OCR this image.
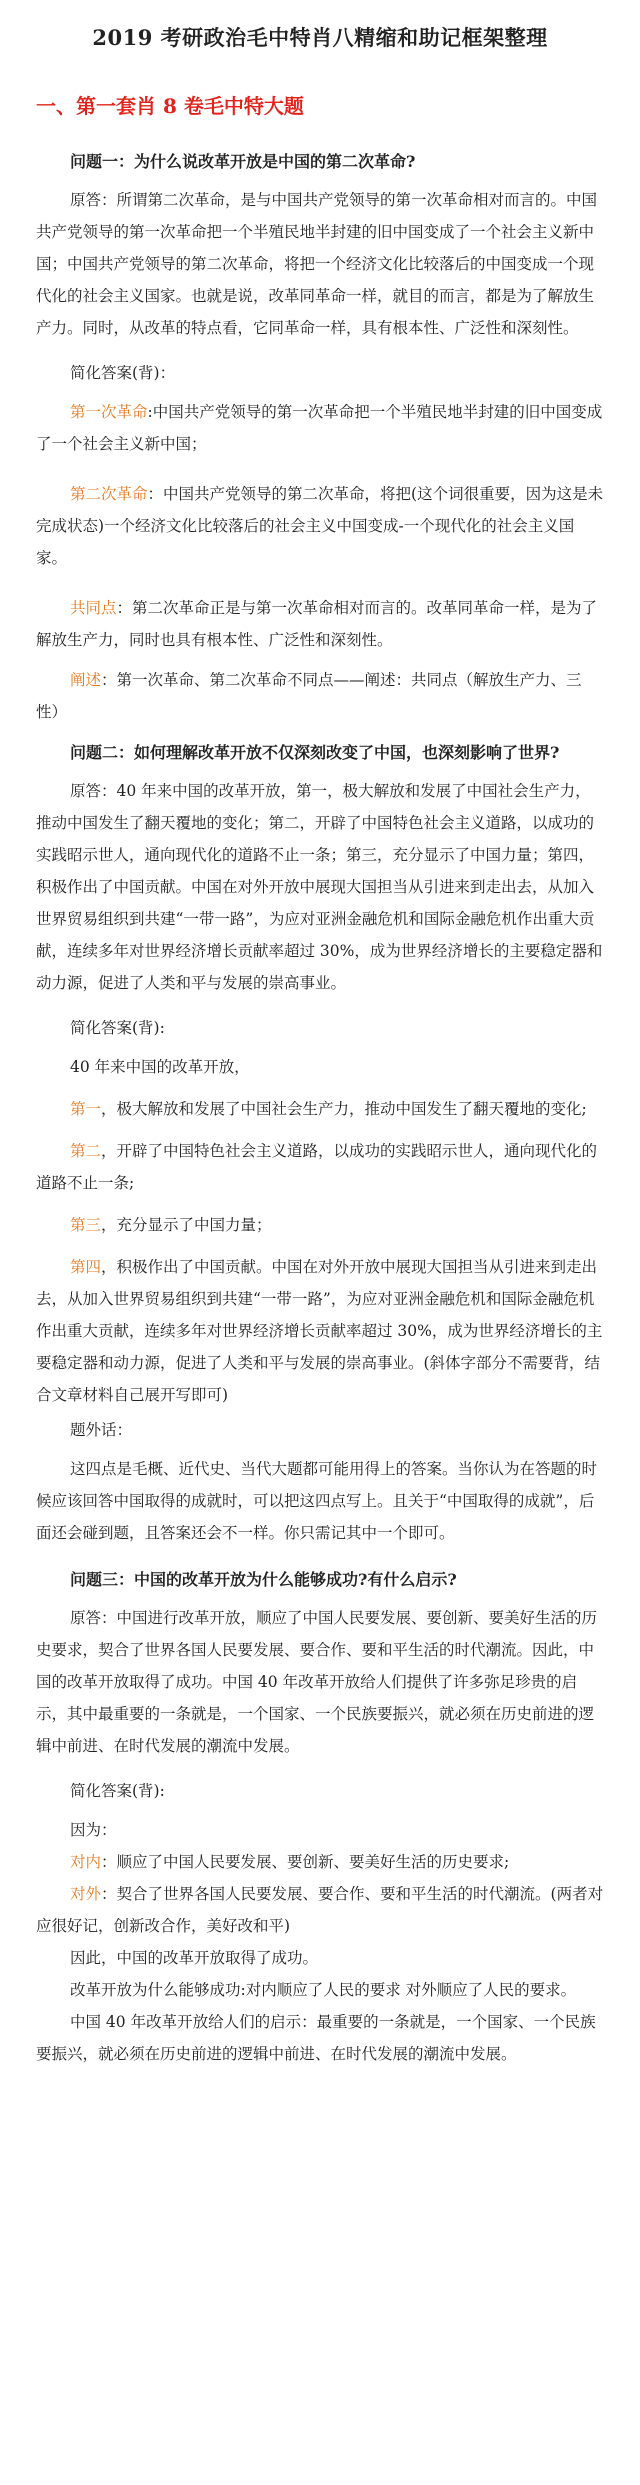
2019 考研政治毛中特肖八精缩和助记框架整理
一、第一套肖 8 卷毛中特大题
问题一：为什么说改革开放是中国的第二次革命?

原答：所谓第二次革命，是与中国共产党领导的第一次革命相对而言的。中国共产党领导的第一次革命把一个半殖民地半封建的旧中国变成了一个社会主义新中国；中国共产党领导的第二次革命，将把一个经济文化比较落后的中国变成一个现代化的社会主义国家。也就是说，改革同革命一样，就目的而言，都是为了解放生产力。同时，从改革的特点看，它同革命一样，具有根本性、广泛性和深刻性。

简化答案(背)：

第一次革命:中国共产党领导的第一次革命把一个半殖民地半封建的旧中国变成了一个社会主义新中国；

第二次革命：中国共产党领导的第二次革命，将把(这个词很重要，因为这是未完成状态)一个经济文化比较落后的社会主义中国变成-一个现代化的社会主义国家。

共同点：第二次革命正是与第一次革命相对而言的。改革同革命一样，是为了解放生产力，同时也具有根本性、广泛性和深刻性。

阐述：第一次革命、第二次革命不同点——阐述：共同点（解放生产力、三性）

问题二：如何理解改革开放不仅深刻改变了中国，也深刻影响了世界?

原答：40 年来中国的改革开放，第一，极大解放和发展了中国社会生产力，推动中国发生了翻天覆地的变化；第二，开辟了中国特色社会主义道路，以成功的实践昭示世人，通向现代化的道路不止一条；第三，充分显示了中国力量；第四，积极作出了中国贡献。中国在对外开放中展现大国担当从引进来到走出去，从加入世界贸易组织到共建“一带一路”，为应对亚洲金融危机和国际金融危机作出重大贡献，连续多年对世界经济增长贡献率超过 30%，成为世界经济增长的主要稳定器和动力源，促进了人类和平与发展的崇高事业。

简化答案(背):

40 年来中国的改革开放，

第一，极大解放和发展了中国社会生产力，推动中国发生了翻天覆地的变化;

第二，开辟了中国特色社会主义道路，以成功的实践昭示世人，通向现代化的道路不止一条;

第三，充分显示了中国力量；

第四，积极作出了中国贡献。中国在对外开放中展现大国担当从引进来到走出去，从加入世界贸易组织到共建“一带一路”，为应对亚洲金融危机和国际金融危机作出重大贡献，连续多年对世界经济增长贡献率超过 30%，成为世界经济增长的主要稳定器和动力源，促进了人类和平与发展的崇高事业。(斜体字部分不需要背，结合文章材料自己展开写即可)

题外话：

这四点是毛概、近代史、当代大题都可能用得上的答案。当你认为在答题的时候应该回答中国取得的成就时，可以把这四点写上。且关于“中国取得的成就”，后面还会碰到题，且答案还会不一样。你只需记其中一个即可。

问题三：中国的改革开放为什么能够成功?有什么启示?

原答：中国进行改革开放，顺应了中国人民要发展、要创新、要美好生活的历史要求，契合了世界各国人民要发展、要合作、要和平生活的时代潮流。因此，中国的改革开放取得了成功。中国 40 年改革开放给人们提供了许多弥足珍贵的启示，其中最重要的一条就是，一个国家、一个民族要振兴，就必须在历史前进的逻辑中前进、在时代发展的潮流中发展。

简化答案(背):

因为：

对内：顺应了中国人民要发展、要创新、要美好生活的历史要求;

对外：契合了世界各国人民要发展、要合作、要和平生活的时代潮流。(两者对应很好记，创新改合作，美好改和平)

因此，中国的改革开放取得了成功。

改革开放为什么能够成功:对内顺应了人民的要求 对外顺应了人民的要求。

中国 40 年改革开放给人们的启示：最重要的一条就是，一个国家、一个民族要振兴，就必须在历史前进的逻辑中前进、在时代发展的潮流中发展。
